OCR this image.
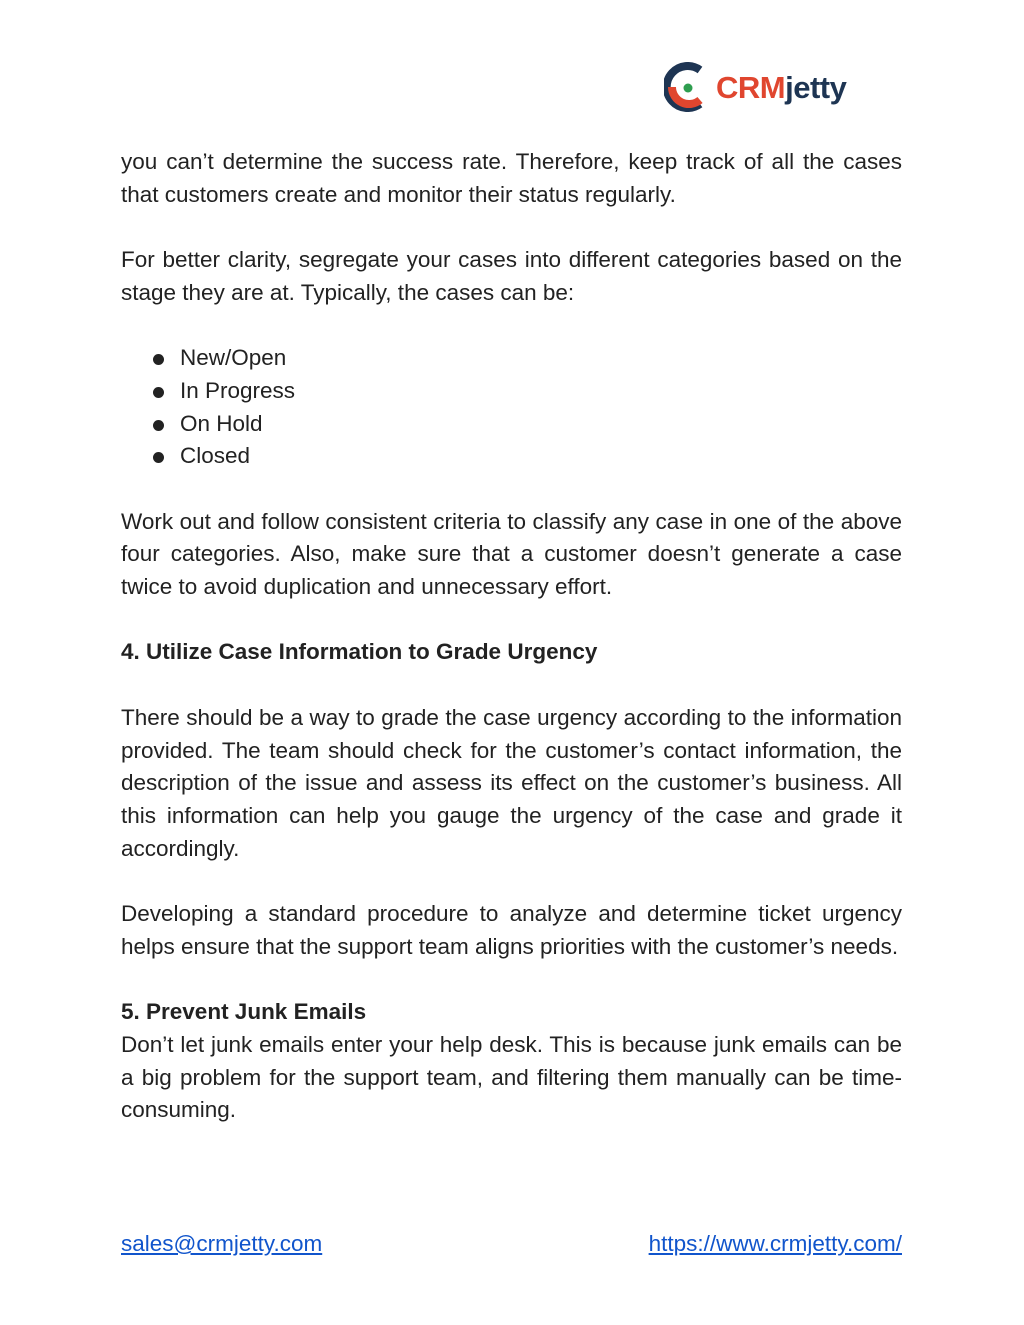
CRMjetty

you can’t determine the success rate. Therefore, keep track of all the cases that customers create and monitor their status regularly.

For better clarity, segregate your cases into different categories based on the stage they are at. Typically, the cases can be:

New/Open
In Progress
On Hold
Closed

Work out and follow consistent criteria to classify any case in one of the above four categories. Also, make sure that a customer doesn’t generate a case twice to avoid duplication and unnecessary effort.

4. Utilize Case Information to Grade Urgency

There should be a way to grade the case urgency according to the information provided. The team should check for the customer’s contact information, the description of the issue and assess its effect on the customer’s business. All this information can help you gauge the urgency of the case and grade it accordingly.

Developing a standard procedure to analyze and determine ticket urgency helps ensure that the support team aligns priorities with the customer’s needs.

5. Prevent Junk Emails

Don’t let junk emails enter your help desk. This is because junk emails can be a big problem for the support team, and filtering them manually can be time-consuming.

sales@crmjetty.com	https://www.crmjetty.com/
